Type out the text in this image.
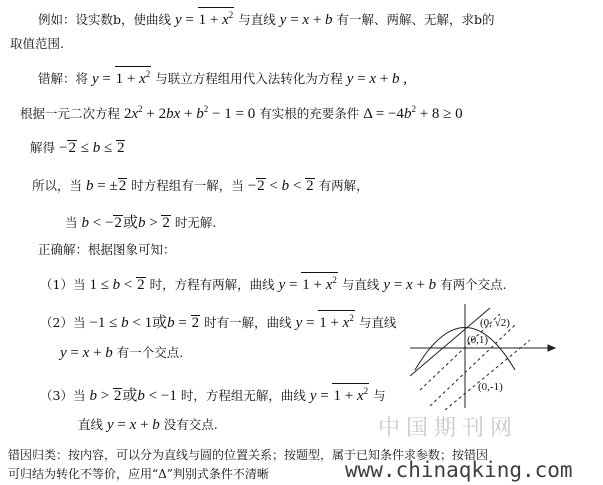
例如：设实数b，使曲线 $y = 1 + x^2$ 与直线 y = x + b 有一解、两解、无解，求b的
取值范围.
错解：将 $y = 1 + x^2$ 与联立方程组用代入法转化为方程 y = x + b ,
根据一元二次方程 $2x^2 + 2bx + b^2 - 1 = 0$ 有实根的充要条件 $\Delta = -4b^2 + 8 \ge 0$
解得 −2 ≤ b ≤ 2
所以，当 b = ±2 时方程组有一解，当 −2 < b < 2 有两解，
当 b < −2或b > 2 时无解.
正确解：根据图象可知：
（1）当 1 ≤ b < 2 时，方程有两解，曲线 $y = 1 + x^2$ 与直线 y = x + b 有两个交点.
（2）当 −1 ≤ b < 1或b = 2 时有一解，曲线 $y = 1 + x^2$ 与直线
y = x + b 有一个交点.
（3）当 b > 2或b < −1 时，方程组无解，曲线 $y = 1 + x^2$ 与
直线 y = x + b 没有交点.
错因归类：按内容，可以分为直线与圆的位置关系；按题型，属于已知条件求参数；按错因
可归结为转化不等价，应用“Δ”判别式条件不清晰
(0, √2)
(0,1)
(0,-1)
中国期刊网
www.chinaqking.com
